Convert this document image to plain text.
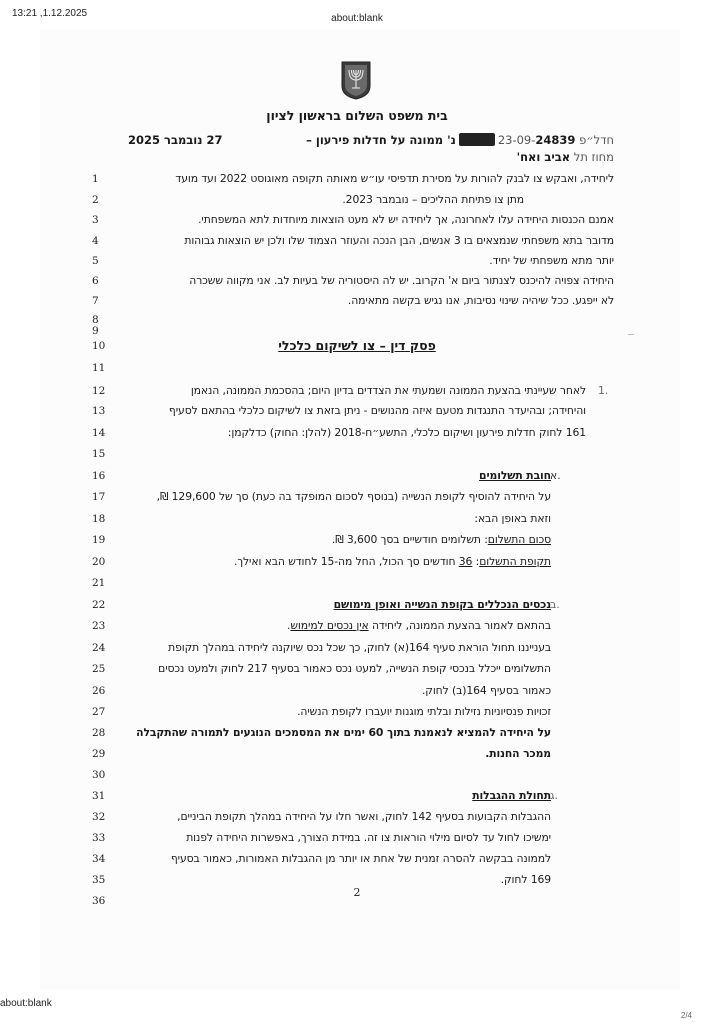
13:21 ,1.12.2025	about:blank
בית משפט השלום בראשון לציון
חדל״פ 23-09-24839נ' ממונה על חדלות פירעון –
מחוז תל אביב ואח'
27 נובמבר 2025
1
2
3
4
5
6
7
8
9
10
11
12
13
14
15
16
17
18
19
20
21
22
23
24
25
26
27
28
29
30
31
32
33
34
35
36
ליחידה, ואבקש צו לבנק להורות על מסירת תדפיסי עו״ש מאותה תקופה מאוגוסט 2022 ועד מועד
מתן צו פתיחת ההליכים – נובמבר 2023.
אמנם הכנסות היחידה עלו לאחרונה, אך ליחידה יש לא מעט הוצאות מיוחדות לתא המשפחתי.
מדובר בתא משפחתי שנמצאים בו 3 אנשים, הבן הנכה והעוזר הצמוד שלו ולכן יש הוצאות גבוהות
יותר מתא משפחתי של יחיד.
היחידה צפויה להיכנס לצנתור ביום א' הקרוב. יש לה היסטוריה של בעיות לב. אני מקווה ששכרה
לא ייפגע. ככל שיהיה שינוי נסיבות, אנו נגיש בקשה מתאימה.
פסק דין – צו לשיקום כלכלי
.1
לאחר שעיינתי בהצעת הממונה ושמעתי את הצדדים בדיון היום; בהסכמת הממונה, הנאמן
והיחידה; ובהיעדר התנגדות מטעם איזה מהנושים - ניתן בזאת צו לשיקום כלכלי בהתאם לסעיף
161 לחוק חדלות פירעון ושיקום כלכלי, התשע״ח-2018 (להלן: החוק) כדלקמן:
.א
חובת תשלומים
על היחידה להוסיף לקופת הנשייה (בנוסף לסכום המופקד בה כעת) סך של 129,600 ₪,
וזאת באופן הבא:
סכום התשלום: תשלומים חודשיים בסך 3,600 ₪.
תקופת התשלום: 36 חודשים סך הכול, החל מה-15 לחודש הבא ואילך.
.ב
נכסים הנכללים בקופת הנשייה ואופן מימושם
בהתאם לאמור בהצעת הממונה, ליחידה אין נכסים למימוש.
בענייננו תחול הוראת סעיף 164(א) לחוק, כך שכל נכס שיוקנה ליחידה במהלך תקופת
התשלומים ייכלל בנכסי קופת הנשייה, למעט נכס כאמור בסעיף 217 לחוק ולמעט נכסים
כאמור בסעיף 164(ב) לחוק.
זכויות פנסיוניות נזילות ובלתי מוגנות יועברו לקופת הנשיה.
על היחידה להמציא לנאמנת בתוך 60 ימים את המסמכים הנוגעים לתמורה שהתקבלה
ממכר החנות.
.ג
תחולת ההגבלות
ההגבלות הקבועות בסעיף 142 לחוק, ואשר חלו על היחידה במהלך תקופת הביניים,
ימשיכו לחול עד לסיום מילוי הוראות צו זה. במידת הצורך, באפשרות היחידה לפנות
לממונה בבקשה להסרה זמנית של אחת או יותר מן ההגבלות האמורות, כאמור בסעיף
169 לחוק.
2
about:blank
2/4
